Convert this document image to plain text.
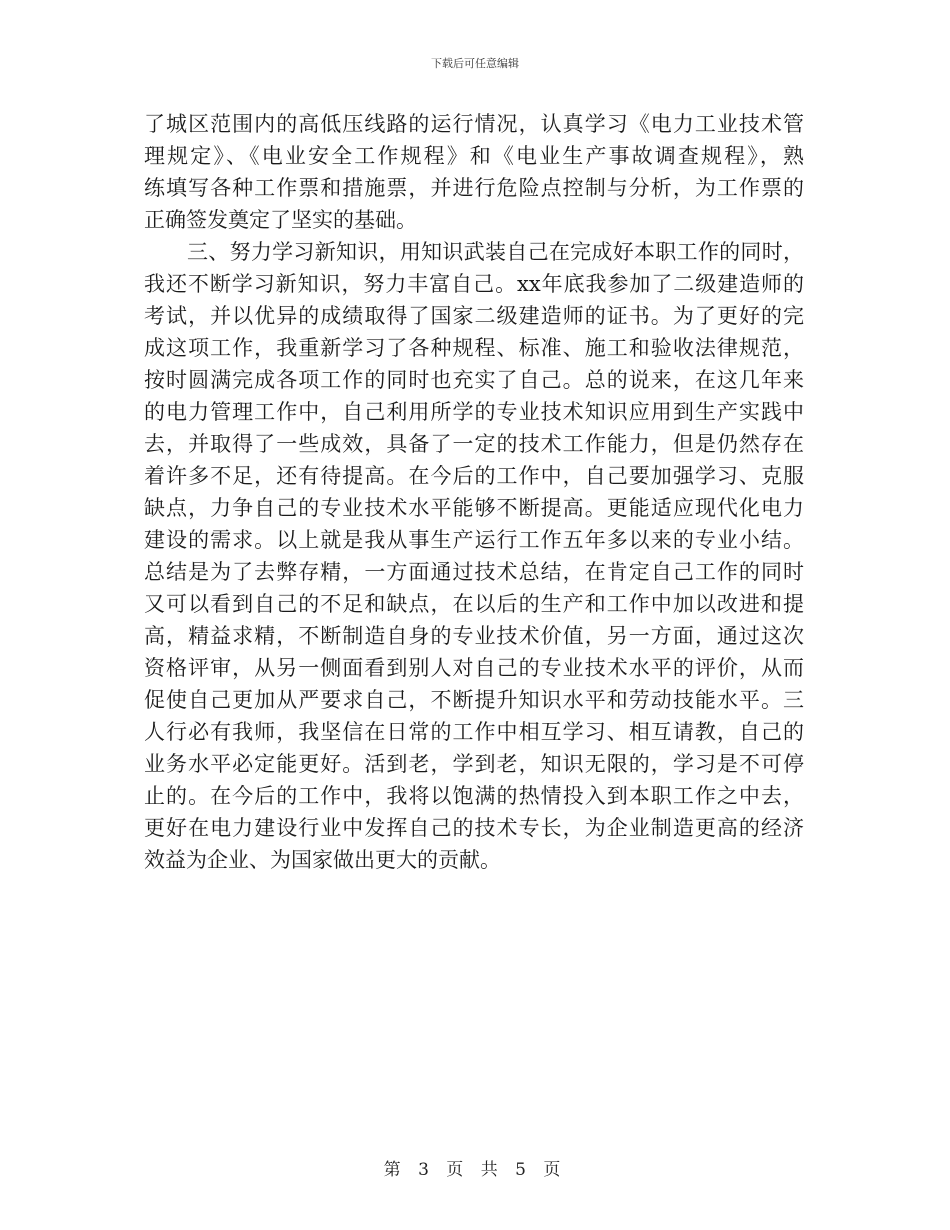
下载后可任意编辑
了城区范围内的高低压线路的运行情况，认真学习《电力工业技术管
理规定》、《电业安全工作规程》和《电业生产事故调查规程》，熟
练填写各种工作票和措施票，并进行危险点控制与分析，为工作票的
正确签发奠定了坚实的基础。
三、努力学习新知识，用知识武装自己在完成好本职工作的同时，
我还不断学习新知识，努力丰富自己。xx年底我参加了二级建造师的
考试，并以优异的成绩取得了国家二级建造师的证书。为了更好的完
成这项工作，我重新学习了各种规程、标准、施工和验收法律规范，
按时圆满完成各项工作的同时也充实了自己。总的说来，在这几年来
的电力管理工作中，自己利用所学的专业技术知识应用到生产实践中
去，并取得了一些成效，具备了一定的技术工作能力，但是仍然存在
着许多不足，还有待提高。在今后的工作中，自己要加强学习、克服
缺点，力争自己的专业技术水平能够不断提高。更能适应现代化电力
建设的需求。以上就是我从事生产运行工作五年多以来的专业小结。
总结是为了去弊存精，一方面通过技术总结，在肯定自己工作的同时
又可以看到自己的不足和缺点，在以后的生产和工作中加以改进和提
高，精益求精，不断制造自身的专业技术价值，另一方面，通过这次
资格评审，从另一侧面看到别人对自己的专业技术水平的评价，从而
促使自己更加从严要求自己，不断提升知识水平和劳动技能水平。三
人行必有我师，我坚信在日常的工作中相互学习、相互请教，自己的
业务水平必定能更好。活到老，学到老，知识无限的，学习是不可停
止的。在今后的工作中，我将以饱满的热情投入到本职工作之中去，
更好在电力建设行业中发挥自己的技术专长，为企业制造更高的经济
效益为企业、为国家做出更大的贡献。
第 3 页 共 5 页
